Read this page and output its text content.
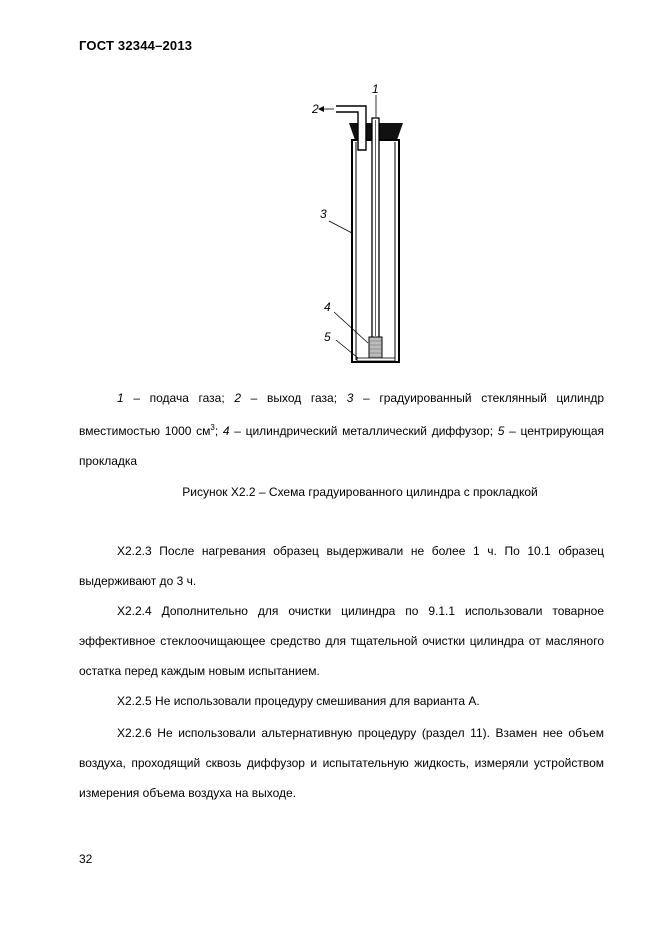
ГОСТ 32344–2013
1
2
3
4
5
1 – подача газа; 2 – выход газа; 3 – градуированный стеклянный цилиндр вместимостью 1000 $см^3$; 4 – цилиндрический металлический диффузор; 5 – центрирующая прокладка
Рисунок X2.2 – Схема градуированного цилиндра с прокладкой
X2.2.3 После нагревания образец выдерживали не более 1 ч. По 10.1 образец выдерживают до 3 ч.
X2.2.4 Дополнительно для очистки цилиндра по 9.1.1 использовали товарное эффективное стеклоочищающее средство для тщательной очистки цилиндра от масляного остатка перед каждым новым испытанием.
X2.2.5 Не использовали процедуру смешивания для варианта А.
X2.2.6 Не использовали альтернативную процедуру (раздел 11). Взамен нее объем воздуха, проходящий сквозь диффузор и испытательную жидкость, измеряли устройством измерения объема воздуха на выходе.
32
